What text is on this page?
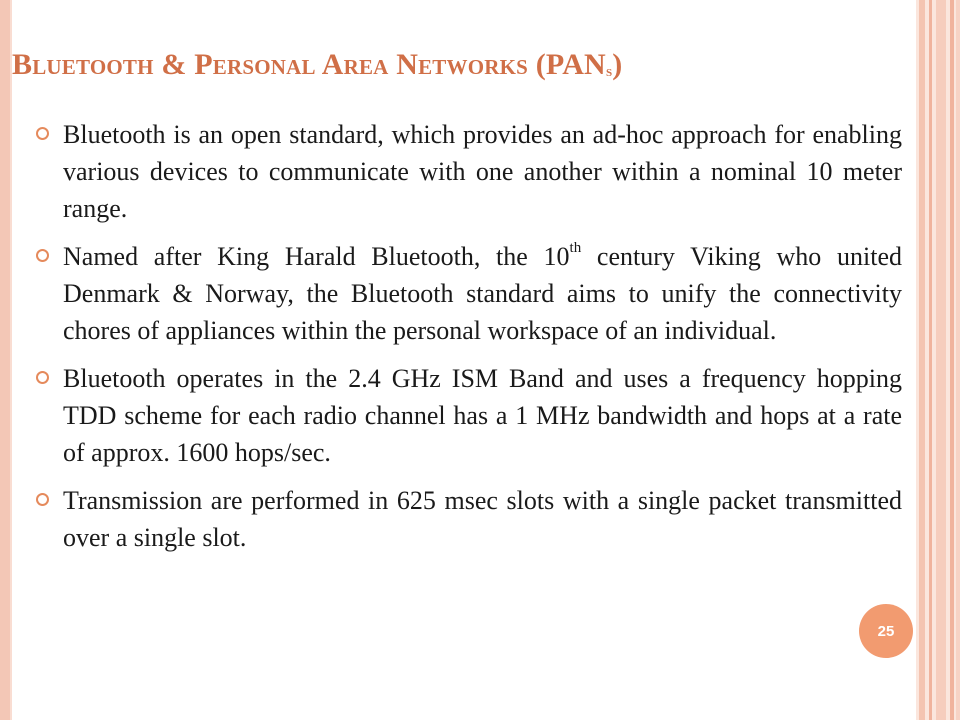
Bluetooth & Personal Area Networks $(PAN_s)$

Bluetooth is an open standard, which provides an ad-hoc approach for enabling various devices to communicate with one another within a nominal 10 meter range.

Named after King Harald Bluetooth, the 10th century Viking who united Denmark & Norway, the Bluetooth standard aims to unify the connectivity chores of appliances within the personal workspace of an individual.

Bluetooth operates in the 2.4 GHz ISM Band and uses a frequency hopping TDD scheme for each radio channel has a 1 MHz bandwidth and hops at a rate of approx. 1600 hops/sec.

Transmission are performed in 625 msec slots with a single packet transmitted over a single slot.

25
